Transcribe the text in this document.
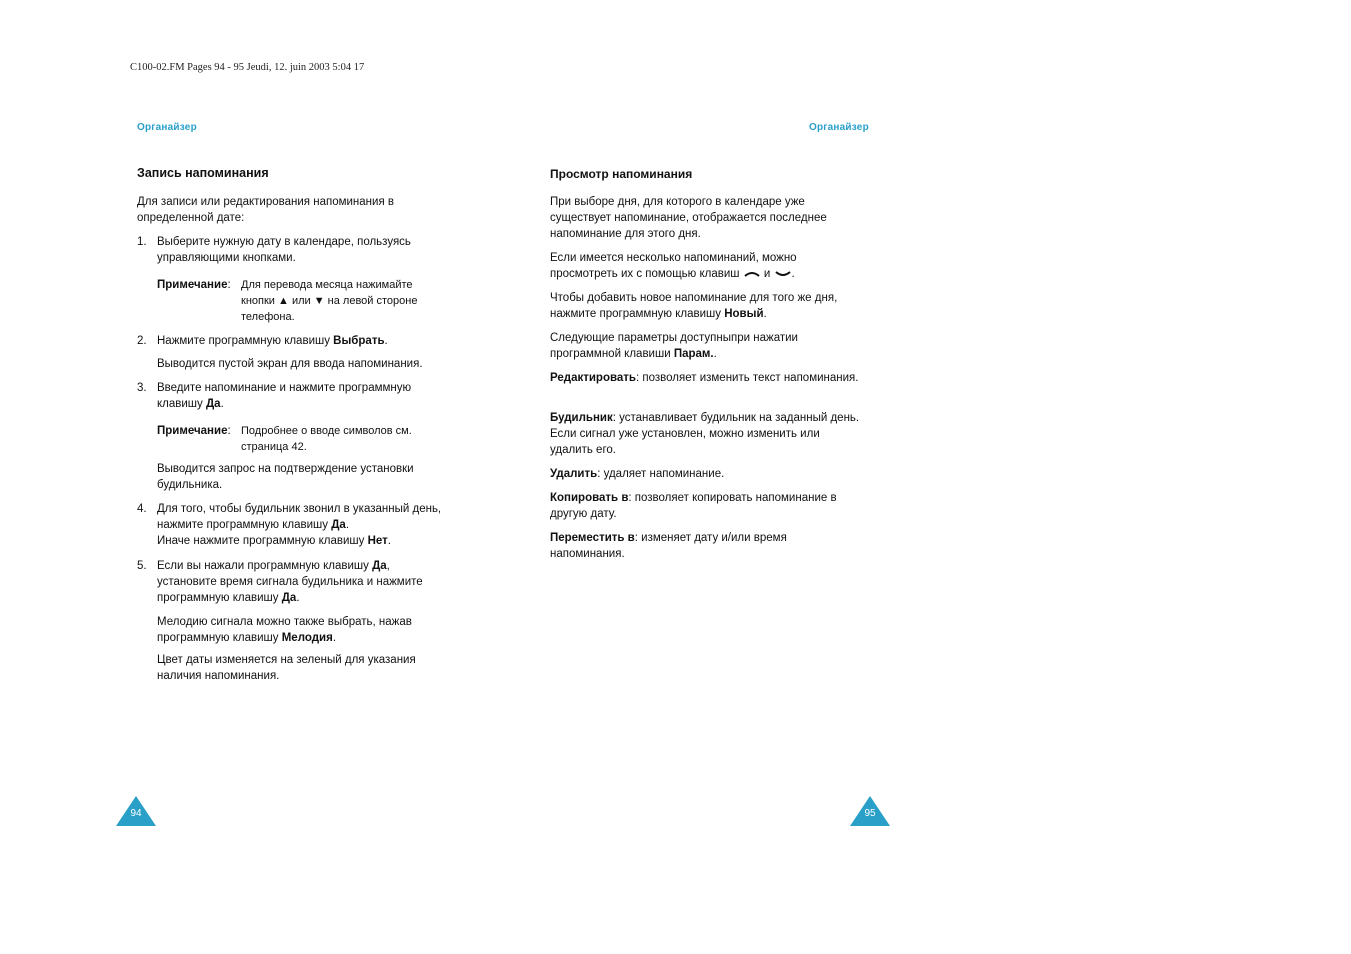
C100-02.FM Pages 94 - 95 Jeudi, 12. juin 2003 5:04 17
Органайзер
Запись напоминания
Для записи или редактирования напоминания в определенной дате:
1. Выберите нужную дату в календаре, пользуясь управляющими кнопками.
Примечание: Для перевода месяца нажимайте кнопки ▲ или ▼ на левой стороне телефона.
2. Нажмите программную клавишу Выбрать.
Выводится пустой экран для ввода напоминания.
3. Введите напоминание и нажмите программную клавишу Да.
Примечание: Подробнее о вводе символов см. страница 42.
Выводится запрос на подтверждение установки будильника.
4. Для того, чтобы будильник звонил в указанный день, нажмите программную клавишу Да.
Иначе нажмите программную клавишу Нет.
5. Если вы нажали программную клавишу Да, установите время сигнала будильника и нажмите программную клавишу Да.
Мелодию сигнала можно также выбрать, нажав программную клавишу Мелодия.
Цвет даты изменяется на зеленый для указания наличия напоминания.
94
Органайзер
Просмотр напоминания
При выборе дня, для которого в календаре уже существует напоминание, отображается последнее напоминание для этого дня.
Если имеется несколько напоминаний, можно просмотреть их с помощью клавиш и .
Чтобы добавить новое напоминание для того же дня, нажмите программную клавишу Новый.
Следующие параметры доступныпри нажатии программной клавиши Парам..
Редактировать: позволяет изменить текст напоминания.
Будильник: устанавливает будильник на заданный день. Если сигнал уже установлен, можно изменить или удалить его.
Удалить: удаляет напоминание.
Копировать в: позволяет копировать напоминание в другую дату.
Переместить в: изменяет дату и/или время напоминания.
95
